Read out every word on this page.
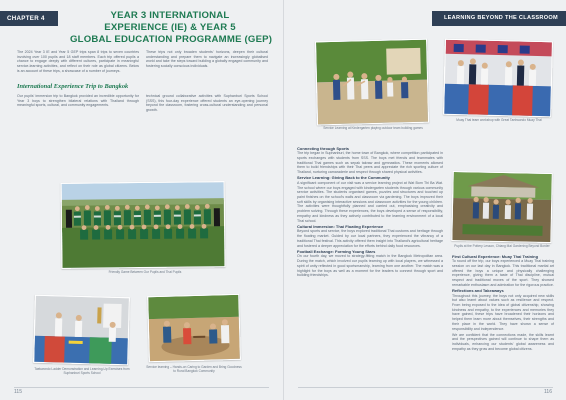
CHAPTER 4	YEAR 3 INTERNATIONAL
EXPERIENCE (IE) & YEAR 5
GLOBAL EDUCATION PROGRAMME (GEP)
The 2024 Year 3 IE and Year 5 GEP trips span 8 trips to seven countries involving over 100 pupils and 18 staff members. Each trip offered pupils a chance to engage deeply with different cultures, participate in meaningful service-learning activities, and reflect on their role as global citizens. Below is an account of these trips, a showcase of a number of journeys.
These trips not only broaden students' horizons, deepen their cultural understanding and prepare them to navigate an increasingly globalised world and take the steps toward building a globally engaged community and fostering socially conscious individuals.
International Experience Trip to Bangkok
Our pupils' immersion trip to Bangkok provided an incredible opportunity for Year 3 boys to strengthen bilateral relations with Thailand through meaningful sports, cultural, and community engagements.
technical ground collaborative activities with Suphanburi Sports School (SSS), this four-day experience offered students an eye-opening journey beyond the classroom, fostering cross-cultural understanding and personal growth.
Friendly Game Between Our Pupils and Thai Pupils
Taekwondo Ladder Demonstration and Learning-Up Exercises from Suphanburi Sports School
Service learning – Hands-on Caring to Garden and Bring Goodness to Rural Bangkok Community
115
LEARNING BEYOND THE CLASSROOM
Service Learning at Kindergarten playing outdoor team building games
Muay Thai team workshop with Great Taekwondo Muay Thai
Pupils at the Pottery Lesson, Chiang Mai Gardening Beyond Border
Connecting through Sports
The trip began in Suphanburi, the home town of Bangkok, where competition participated in sports exchanges with students from SSS. The boys met friends and teammates with traditional Thai games such as sepak takraw and gymnastics. These moments allowed them to build friendships with their Thai peers and appreciate the rich sporting culture of Thailand, nurturing camaraderie and respect through shared physical activities.
Service Learning: Giving Back to the Community
A significant component of our visit was a service learning project at Wat Bom Thi Ba Wat. The school where our boys engaged with kindergarten students through various community service activities. The students organised games, puzzles and structures and touched up paint finishes on the school's walls and classroom via gardening. The boys improved their soft skills by organising interactive sessions and classroom activities for the young children. The activities were thoughtfully planned and carried out, emphasising creativity and problem solving. Through these experiences, the boys developed a sense of responsibility, empathy and kindness as they actively contributed to the learning environment of a local Thai school.
Cultural Immersion: Thai Floating Experience
Beyond sports and service, the boys explored traditional Thai customs and heritage through the floating market. Guided by our local partners, they experienced the vibrancy of a traditional Thai festival. This activity offered them insight into Thailand's agricultural heritage and fostered a deeper appreciation for the efforts behind daily food resources.
Football Exchange: Forming Young Stars
On our fourth day, we moved to strategy-fitting match in the Bangkok Metropolitan area. During the match, which involved our pupils teaming up with local players, we witnessed a spirit of unity reflected in good sportsmanship, learning from one another. The match was a highlight for the boys as well as a moment for the leaders to connect through sport and building friendships.
First Cultural Experience: Muay Thai Training
To round off the trip, our boys experienced a Muay Thai training session on our last day in Bangkok. This traditional martial art offered the boys a unique and physically challenging experience, giving them a taste of Thai discipline, mutual respect and traditional moves of the sport. They showed remarkable enthusiasm and admiration for the rigorous practice.
Reflections and Takeaways
Throughout this journey, the boys not only acquired new skills but also learnt about values such as resilience and respect. From being exposed to the idea of global citizenship, showing kindness and empathy, to the experiences and memories they have gained, these trips have broadened their horizons and helped them learn more about themselves, their strengths and their place in the world. They have shown a sense of responsibility and independence.
We are confident that the connections made, the skills learnt and the perspectives gained will continue to shape them as individuals, enhancing our students' global awareness and empathy as they grow and become global citizens.
116
